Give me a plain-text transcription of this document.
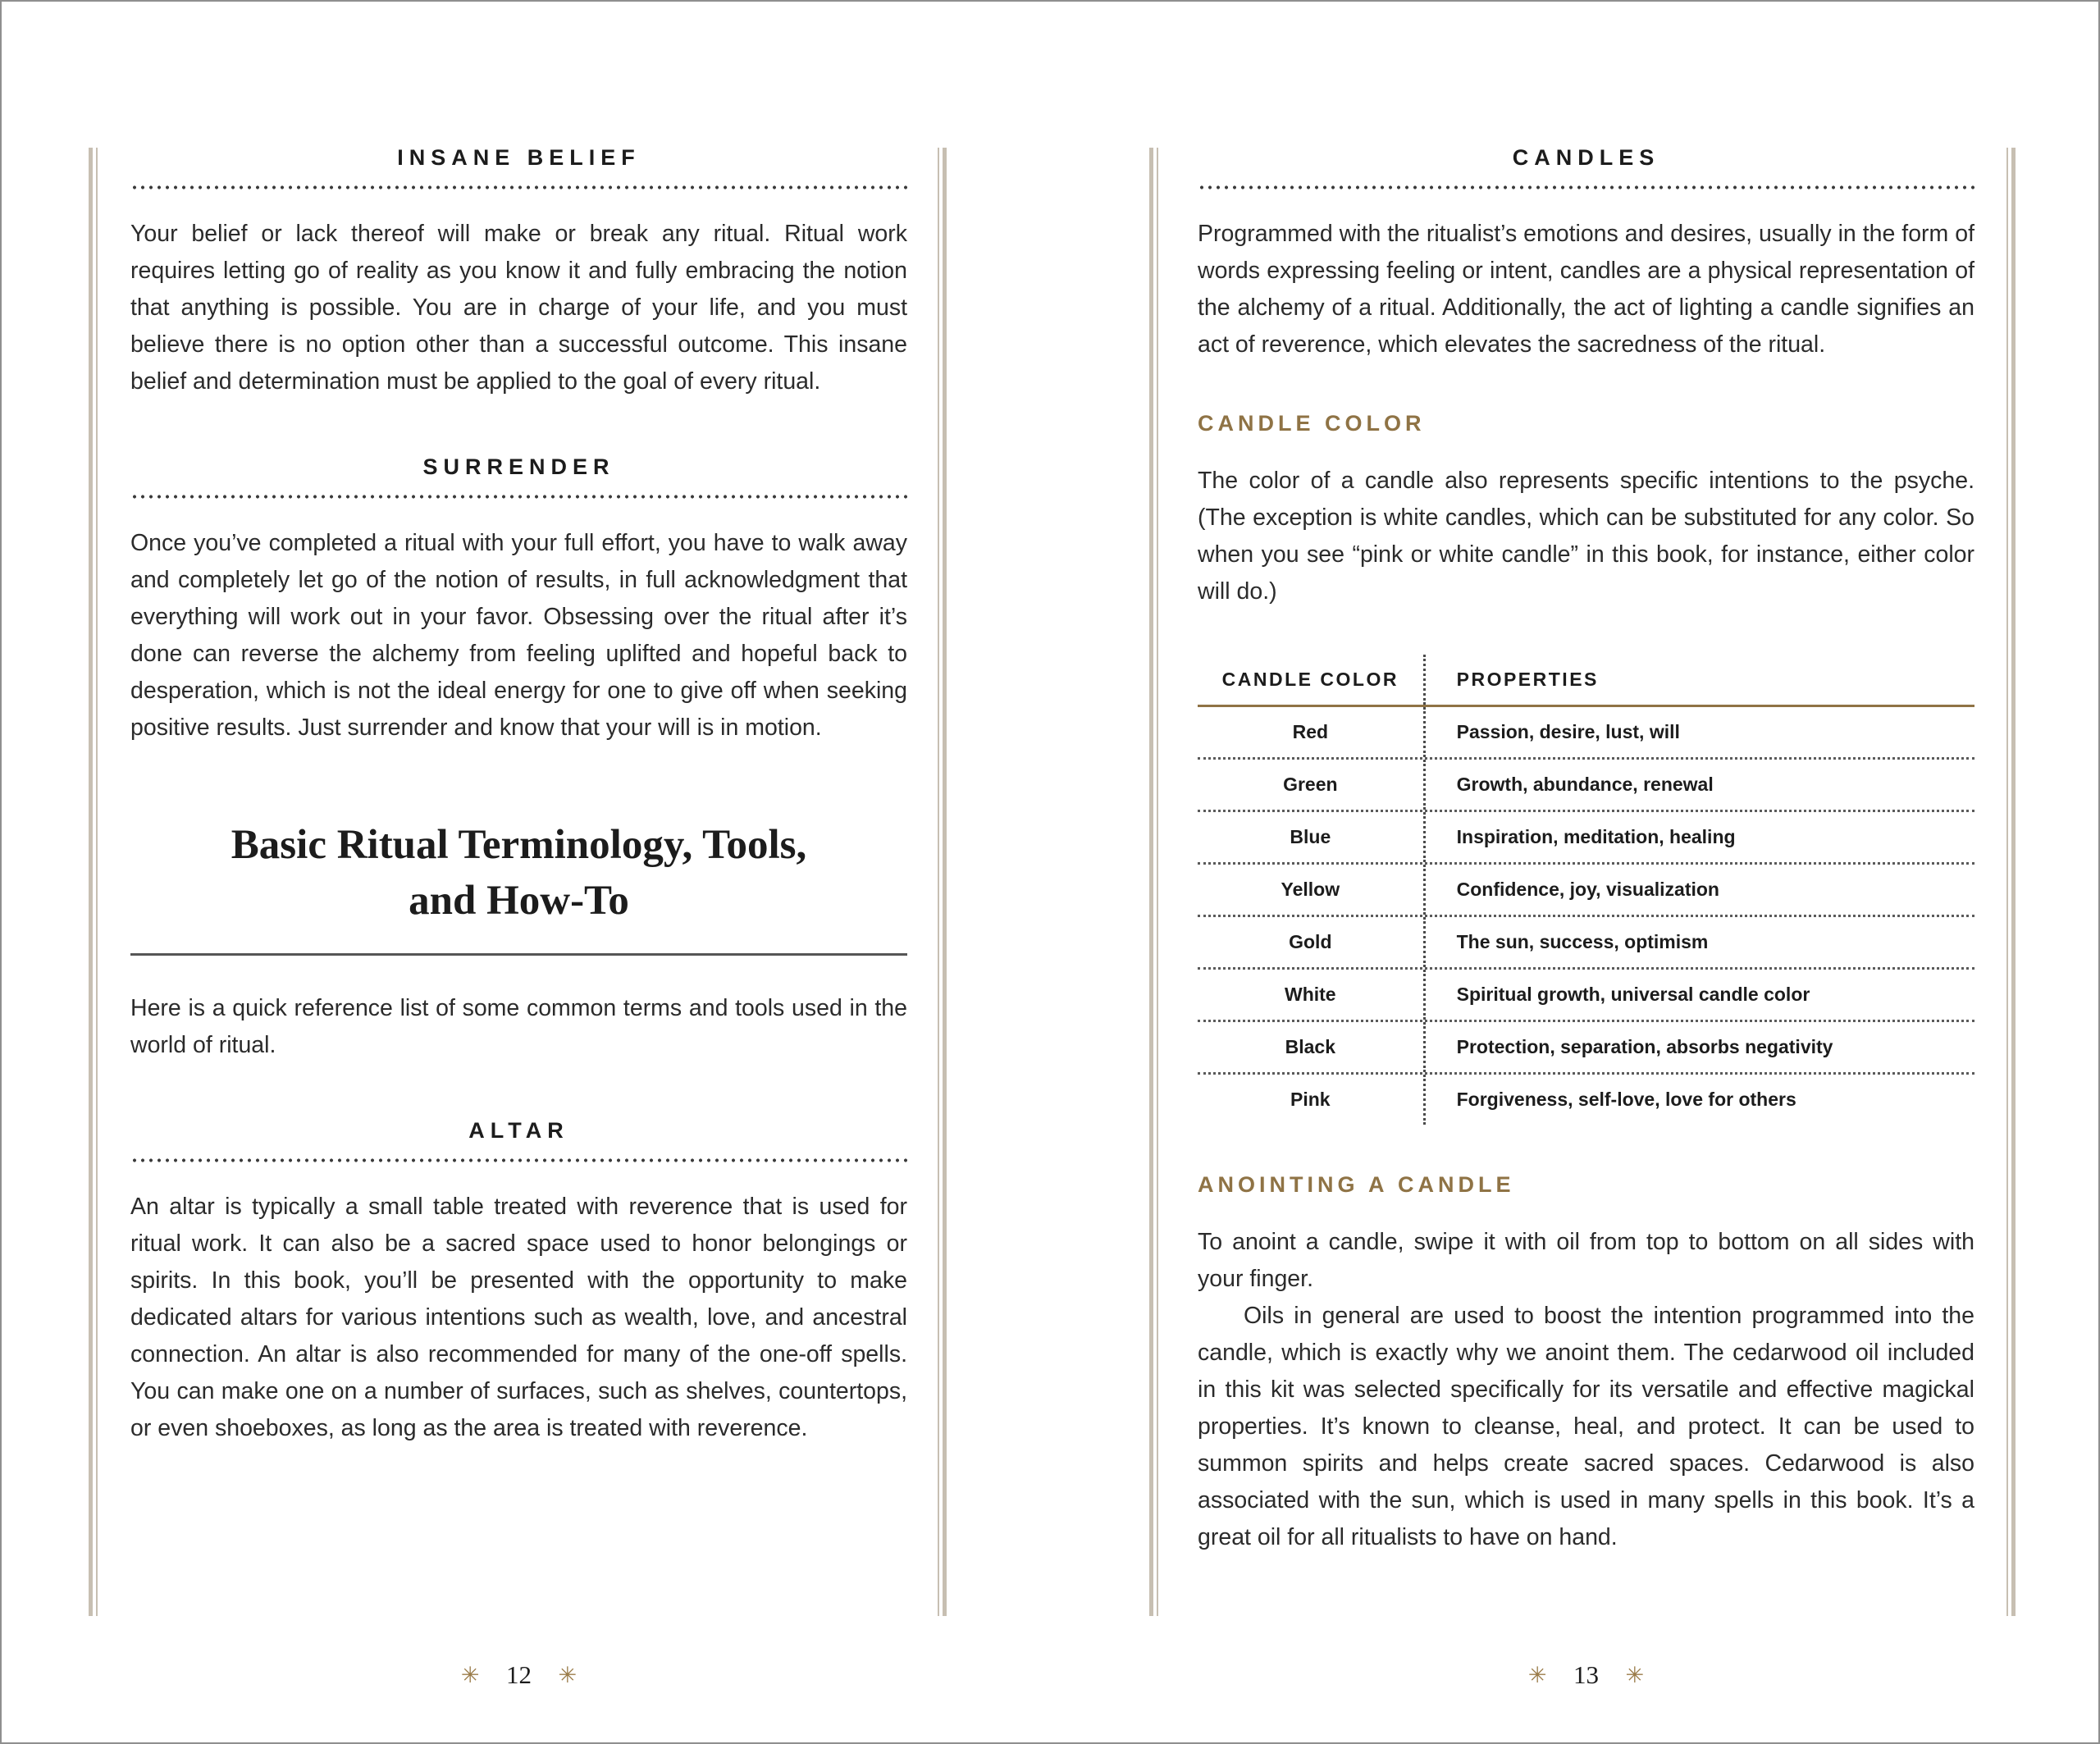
INSANE BELIEF

Your belief or lack thereof will make or break any ritual. Ritual work requires letting go of reality as you know it and fully embracing the notion that anything is possible. You are in charge of your life, and you must believe there is no option other than a successful outcome. This insane belief and determination must be applied to the goal of every ritual.

SURRENDER

Once you’ve completed a ritual with your full effort, you have to walk away and completely let go of the notion of results, in full acknowledgment that everything will work out in your favor. Obsessing over the ritual after it’s done can reverse the alchemy from feeling uplifted and hopeful back to desperation, which is not the ideal energy for one to give off when seeking positive results. Just surrender and know that your will is in motion.

Basic Ritual Terminology, Tools,
and How-To

Here is a quick reference list of some common terms and tools used in the world of ritual.

ALTAR

An altar is typically a small table treated with reverence that is used for ritual work. It can also be a sacred space used to honor belongings or spirits. In this book, you’ll be presented with the opportunity to make dedicated altars for various intentions such as wealth, love, and ancestral connection. An altar is also recommended for many of the one-off spells. You can make one on a number of surfaces, such as shelves, countertops, or even shoeboxes, as long as the area is treated with reverence.

CANDLES

Programmed with the ritualist’s emotions and desires, usually in the form of words expressing feeling or intent, candles are a physical representation of the alchemy of a ritual. Additionally, the act of lighting a candle signifies an act of reverence, which elevates the sacredness of the ritual.

CANDLE COLOR

The color of a candle also represents specific intentions to the psyche. (The exception is white candles, which can be substituted for any color. So when you see “pink or white candle” in this book, for instance, either color will do.)

CANDLE COLOR	PROPERTIES
Red	Passion, desire, lust, will
Green	Growth, abundance, renewal
Blue	Inspiration, meditation, healing
Yellow	Confidence, joy, visualization
Gold	The sun, success, optimism
White	Spiritual growth, universal candle color
Black	Protection, separation, absorbs negativity
Pink	Forgiveness, self-love, love for others
ANOINTING A CANDLE

To anoint a candle, swipe it with oil from top to bottom on all sides with your finger.

Oils in general are used to boost the intention programmed into the candle, which is exactly why we anoint them. The cedarwood oil included in this kit was selected specifically for its versatile and effective magickal properties. It’s known to cleanse, heal, and protect. It can be used to summon spirits and helps create sacred spaces. Cedarwood is also associated with the sun, which is used in many spells in this book. It’s a great oil for all ritualists to have on hand.

✳ 12 ✳	✳ 13 ✳
